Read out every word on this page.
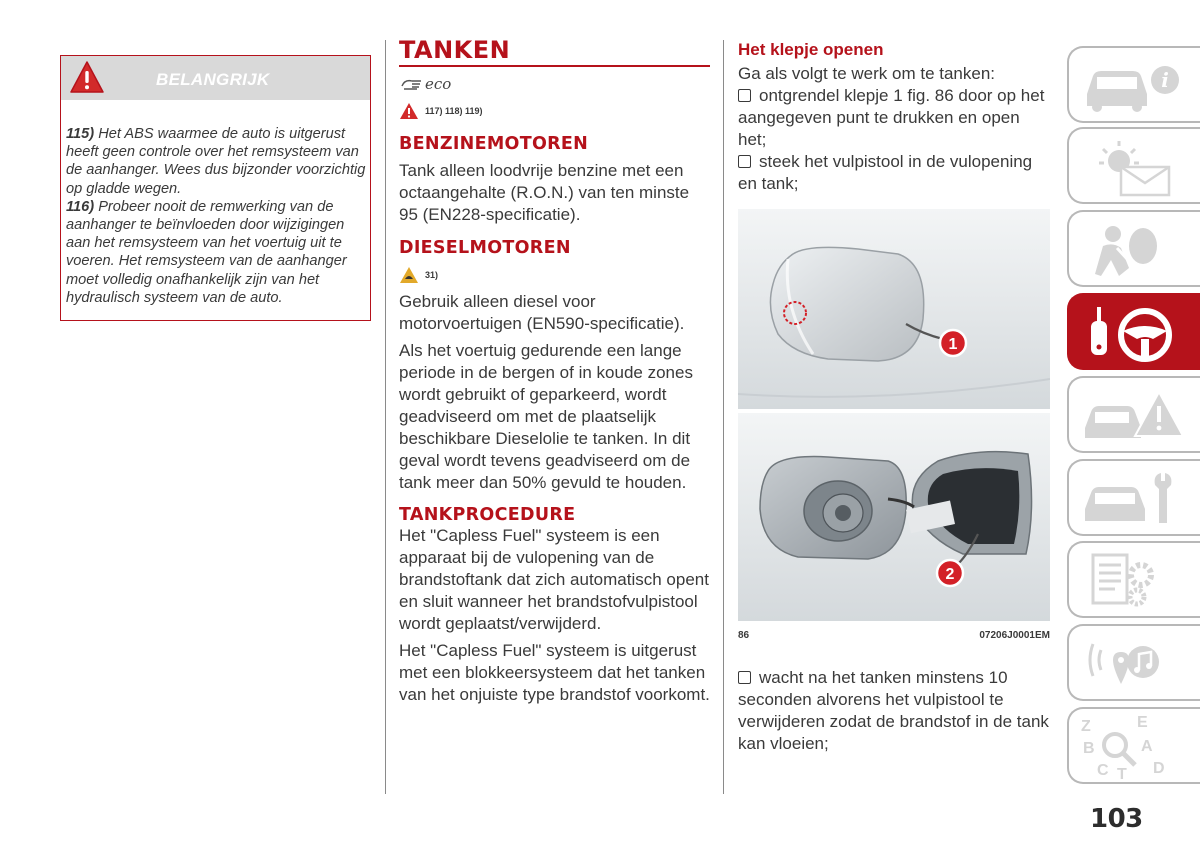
BELANGRIJK
115) Het ABS waarmee de auto is uitgerust heeft geen controle over het remsysteem van de aanhanger. Wees dus bijzonder voorzichtig op gladde wegen.
116) Probeer nooit de remwerking van de aanhanger te beïnvloeden door wijzigingen aan het remsysteem van het voertuig uit te voeren. Het remsysteem van de aanhanger moet volledig onafhankelijk zijn van het hydraulisch systeem van de auto.
TANKEN
eco
117) 118) 119)
BENZINEMOTOREN
Tank alleen loodvrije benzine met een octaangehalte (R.O.N.) van ten minste 95 (EN228-specificatie).
DIESELMOTOREN
31)
Gebruik alleen diesel voor motorvoertuigen (EN590-specificatie).
Als het voertuig gedurende een lange periode in de bergen of in koude zones wordt gebruikt of geparkeerd, wordt geadviseerd om met de plaatselijk beschikbare Dieselolie te tanken. In dit geval wordt tevens geadviseerd om de tank meer dan 50% gevuld te houden.
TANKPROCEDURE
Het "Capless Fuel" systeem is een apparaat bij de vulopening van de brandstoftank dat zich automatisch opent en sluit wanneer het brandstofvulpistool wordt geplaatst/verwijderd.
Het "Capless Fuel" systeem is uitgerust met een blokkeersysteem dat het tanken van het onjuiste type brandstof voorkomt.
Het klepje openen
Ga als volgt te werk om te tanken:
ontgrendel klepje 1 fig. 86 door op het aangegeven punt te drukken en open het;
steek het vulpistool in de vulopening en tank;
1
2
86	07206J0001EM
wacht na het tanken minstens 10 seconden alvorens het vulpistool te verwijderen zodat de brandstof in de tank kan vloeien;
i
Z	E
B	A
C T D
103
